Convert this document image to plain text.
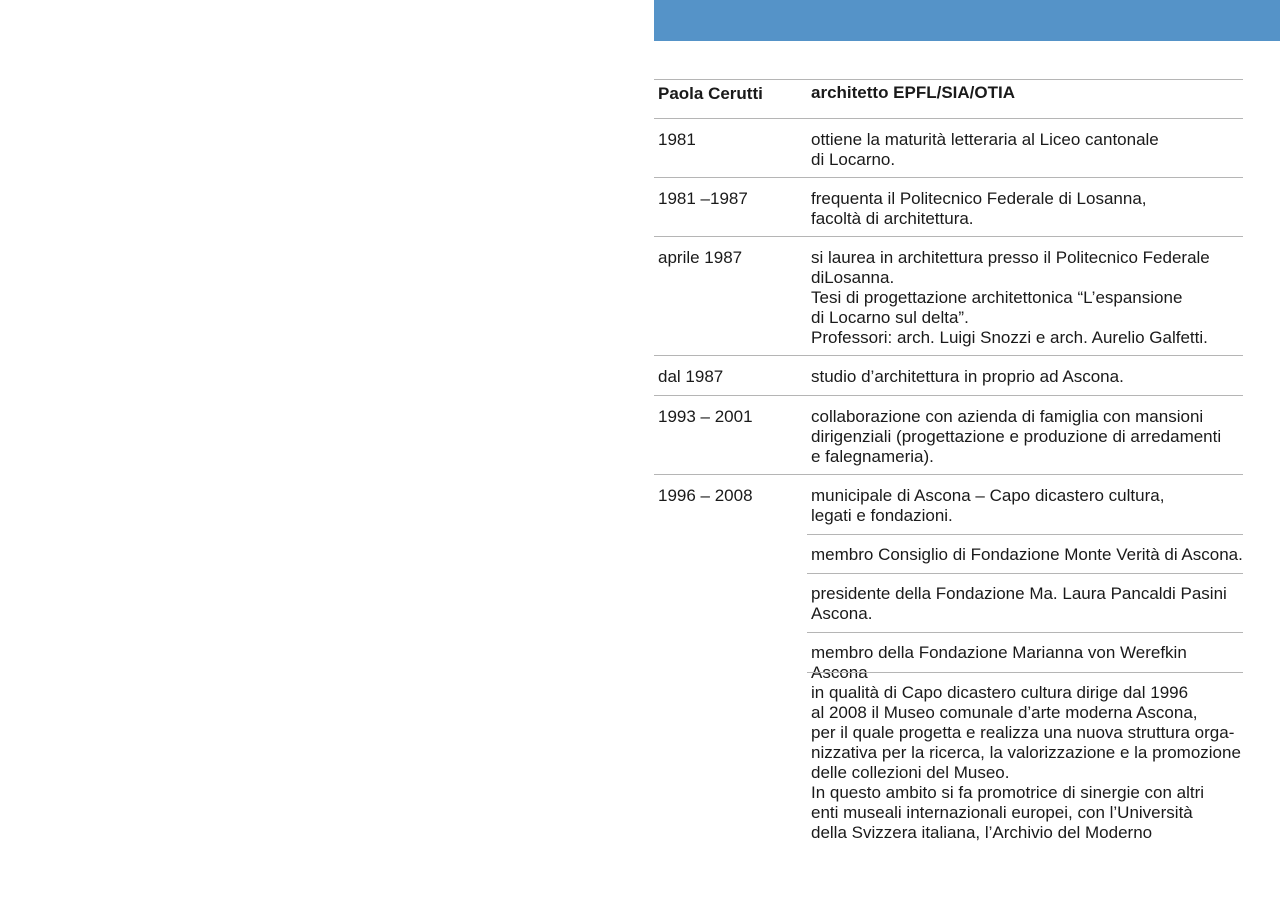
Paola Cerutti	architetto EPFL/SIA/OTIA
1981	ottiene la maturità letteraria al Liceo cantonale
di Locarno.
1981 –1987	frequenta il Politecnico Federale di Losanna,
facoltà di architettura.
aprile 1987	si laurea in architettura presso il Politecnico Federale
diLosanna.
Tesi di progettazione architettonica “L’espansione
di Locarno sul delta”.
Professori: arch. Luigi Snozzi e arch. Aurelio Galfetti.
dal 1987	studio d’architettura in proprio ad Ascona.
1993 – 2001	collaborazione con azienda di famiglia con mansioni
dirigenziali (progettazione e produzione di arredamenti
e falegnameria).
1996 – 2008	municipale di Ascona – Capo dicastero cultura,
legati e fondazioni.
membro Consiglio di Fondazione Monte Verità di Ascona.
presidente della Fondazione Ma. Laura Pancaldi Pasini
Ascona.
membro della Fondazione Marianna von Werefkin Ascona
in qualità di Capo dicastero cultura dirige dal 1996
al 2008 il Museo comunale d’arte moderna Ascona,
per il quale progetta e realizza una nuova struttura orga-
nizzativa per la ricerca, la valorizzazione e la promozione
delle collezioni del Museo.
In questo ambito si fa promotrice di sinergie con altri
enti museali internazionali europei, con l’Università
della Svizzera italiana, l’Archivio del Moderno
